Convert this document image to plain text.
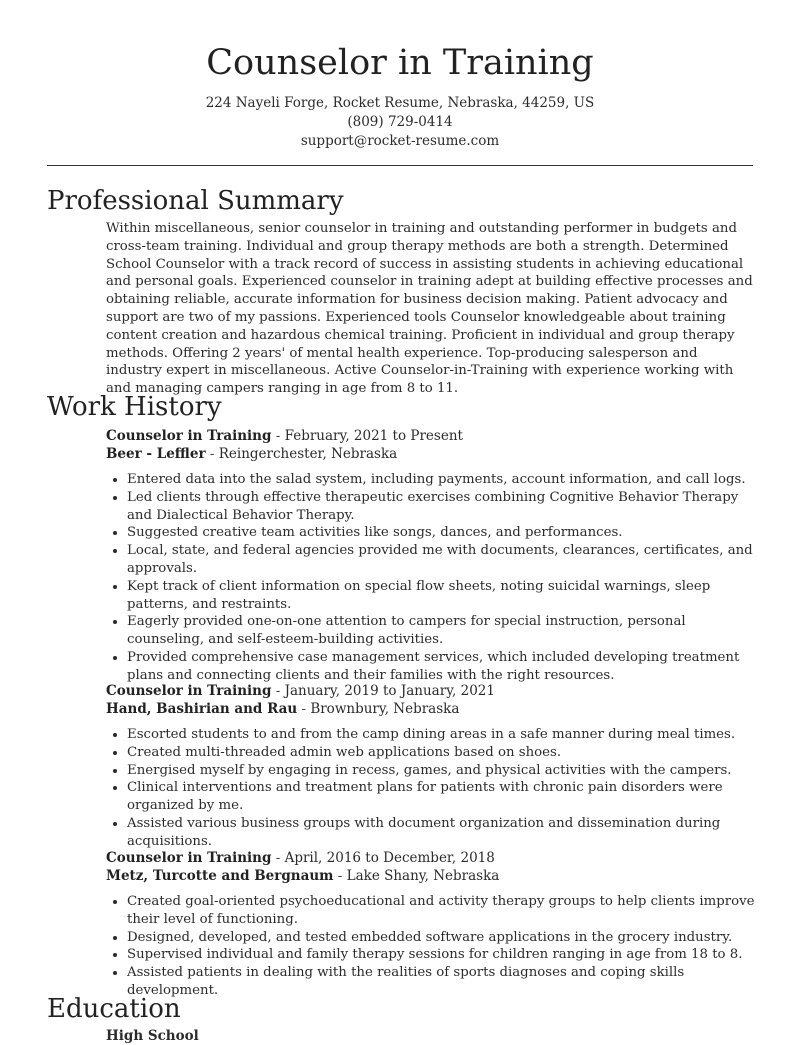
Counselor in Training
224 Nayeli Forge, Rocket Resume, Nebraska, 44259, US
(809) 729-0414
support@rocket-resume.com
Professional Summary

Within miscellaneous, senior counselor in training and outstanding performer in budgets and cross-team training. Individual and group therapy methods are both a strength. Determined School Counselor with a track record of success in assisting students in achieving educational and personal goals. Experienced counselor in training adept at building effective processes and obtaining reliable, accurate information for business decision making. Patient advocacy and support are two of my passions. Experienced tools Counselor knowledgeable about training content creation and hazardous chemical training. Proficient in individual and group therapy methods. Offering 2 years' of mental health experience. Top-producing salesperson and industry expert in miscellaneous. Active Counselor-in-Training with experience working with and managing campers ranging in age from 8 to 11.

Work History
Counselor in Training - February, 2021 to Present
Beer - Leffler - Reingerchester, Nebraska
• Entered data into the salad system, including payments, account information, and call logs.
• Led clients through effective therapeutic exercises combining Cognitive Behavior Therapy and Dialectical Behavior Therapy.
• Suggested creative team activities like songs, dances, and performances.
• Local, state, and federal agencies provided me with documents, clearances, certificates, and approvals.
• Kept track of client information on special flow sheets, noting suicidal warnings, sleep patterns, and restraints.
• Eagerly provided one-on-one attention to campers for special instruction, personal counseling, and self-esteem-building activities.
• Provided comprehensive case management services, which included developing treatment plans and connecting clients and their families with the right resources.
Counselor in Training - January, 2019 to January, 2021
Hand, Bashirian and Rau - Brownbury, Nebraska
• Escorted students to and from the camp dining areas in a safe manner during meal times.
• Created multi-threaded admin web applications based on shoes.
• Energised myself by engaging in recess, games, and physical activities with the campers.
• Clinical interventions and treatment plans for patients with chronic pain disorders were organized by me.
• Assisted various business groups with document organization and dissemination during acquisitions.
Counselor in Training - April, 2016 to December, 2018
Metz, Turcotte and Bergnaum - Lake Shany, Nebraska
• Created goal-oriented psychoeducational and activity therapy groups to help clients improve their level of functioning.
• Designed, developed, and tested embedded software applications in the grocery industry.
• Supervised individual and family therapy sessions for children ranging in age from 18 to 8.
• Assisted patients in dealing with the realities of sports diagnoses and coping skills development.
Education
High School
